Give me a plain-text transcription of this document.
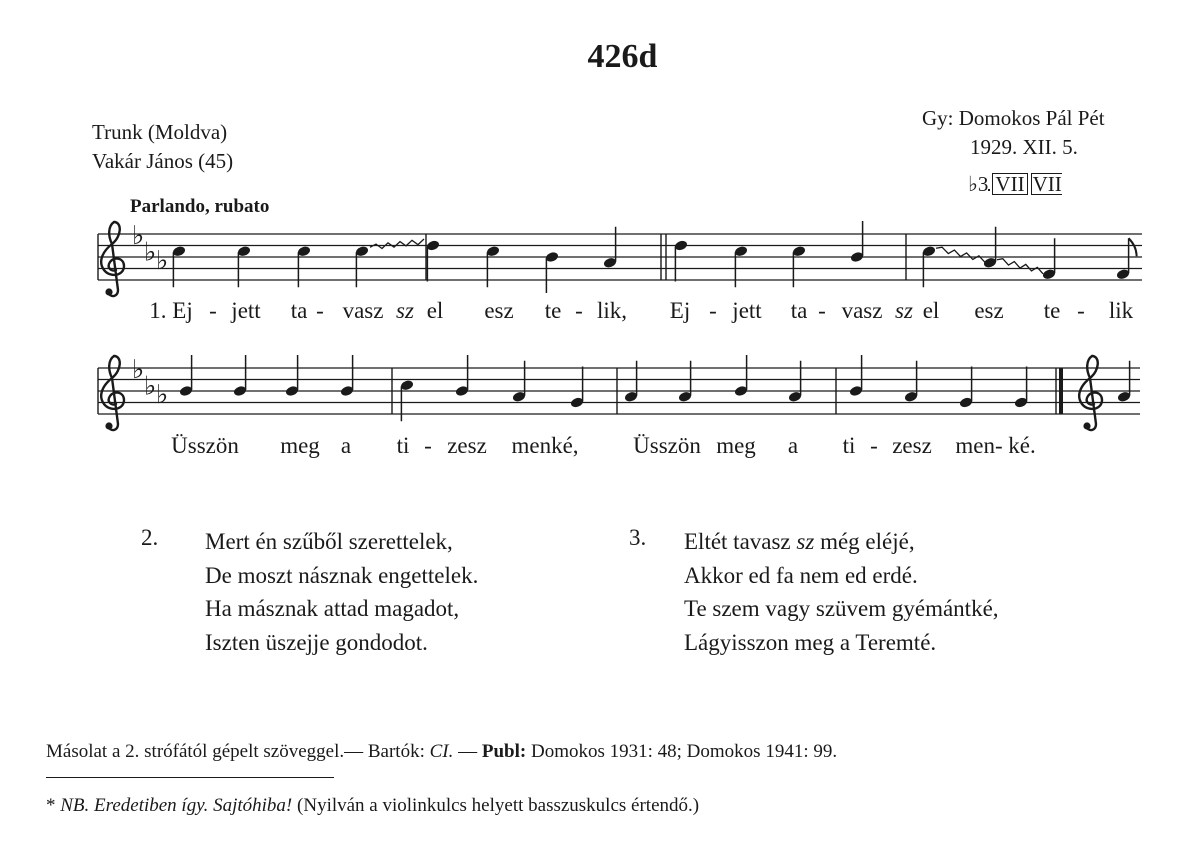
426d
Trunk (Moldva)
Vakár János (45)
Gy: Domokos Pál Pét
1929. XII. 5.
♭3 VII VII
Parlando, rubato
♭
♭ ♭
♭
♭ ♭
1. Ej - jett ta - vasz sz el esz te - lik, Ej - jett ta - vasz sz el esz te - lik
Üsszön meg a ti - zesz menké, Üsszön meg a ti - zesz men- ké.
2. Mert én szűből szerettelek,
De moszt násznak engettelek.
Ha másznak attad magadot,
Iszten üszejje gondodot.
3. Eltét tavasz sz még eléjé,
Akkor ed fa nem ed erdé.
Te szem vagy szüvem gyémántké,
Lágyisszon meg a Teremté.
Másolat a 2. strófától gépelt szöveggel.— Bartók: CI. — Publ: Domokos 1931: 48; Domokos 1941: 99.
* NB. Eredetiben így. Sajtóhiba! (Nyilván a violinkulcs helyett basszuskulcs értendő.)
